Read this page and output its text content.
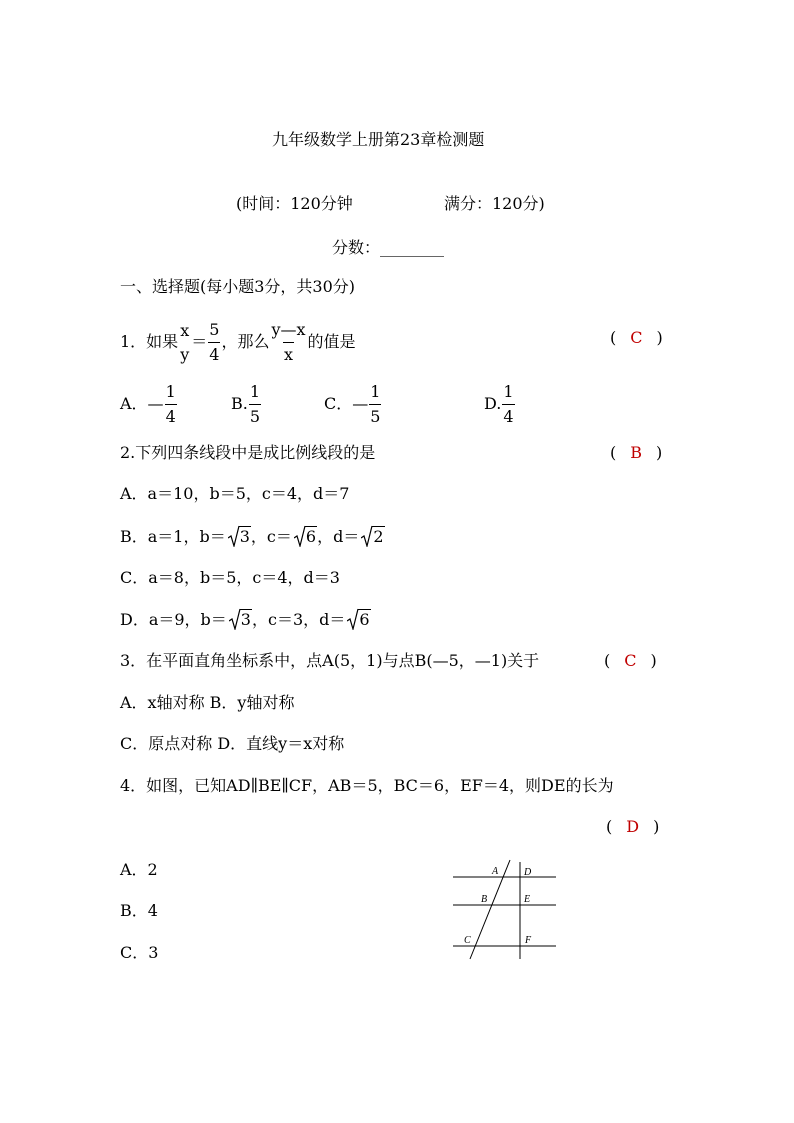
九年级数学上册第23章检测题
(时间：120分钟	满分：120分)
分数：________
一、选择题(每小题3分，共30分)
1．如果
x
y
＝ $\frac{5}{4}$ ，那么 $\frac{y—x}{x}$ 的值是	( C )
A．— $\frac{1}{4}$	B. $\frac{1}{5}$	C．— $\frac{1}{5}$	D. $\frac{1}{4}$
2.下列四条线段中是成比例线段的是	( B )
A．a＝10，b＝5，c＝4，d＝7
B．a＝1，b＝ 3，c＝ 6，d＝ 2
C．a＝8，b＝5，c＝4，d＝3
D．a＝9，b＝ 3，c＝3，d＝ 6
3．在平面直角坐标系中，点A(5，1)与点B(—5，—1)关于	( C )
A．x轴对称 B．y轴对称
C．原点对称 D．直线y＝x对称
4．如图，已知AD∥BE∥CF，AB＝5，BC＝6，EF＝4，则DE的长为
( D )
A．2
B．4
C．3
A	D
B	E
C	F
